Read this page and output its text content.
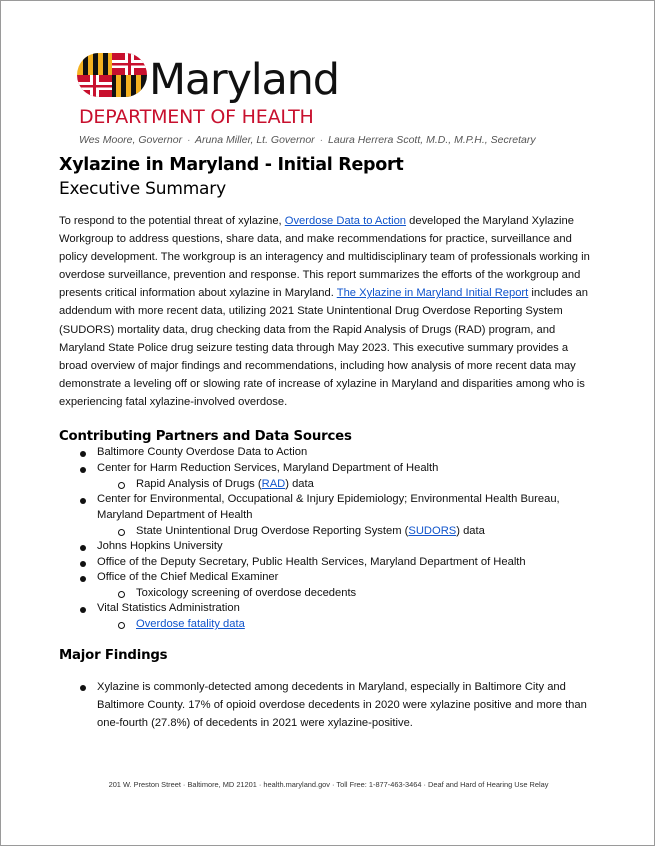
Maryland
DEPARTMENT OF HEALTH
Wes Moore, Governor · Aruna Miller, Lt. Governor · Laura Herrera Scott, M.D., M.P.H., Secretary
Xylazine in Maryland - Initial Report
Executive Summary
To respond to the potential threat of xylazine, Overdose Data to Action developed the Maryland Xylazine Workgroup to address questions, share data, and make recommendations for practice, surveillance and policy development. The workgroup is an interagency and multidisciplinary team of professionals working in overdose surveillance, prevention and response. This report summarizes the efforts of the workgroup and presents critical information about xylazine in Maryland. The Xylazine in Maryland Initial Report includes an addendum with more recent data, utilizing 2021 State Unintentional Drug Overdose Reporting System (SUDORS) mortality data, drug checking data from the Rapid Analysis of Drugs (RAD) program, and Maryland State Police drug seizure testing data through May 2023. This executive summary provides a broad overview of major findings and recommendations, including how analysis of more recent data may demonstrate a leveling off or slowing rate of increase of xylazine in Maryland and disparities among who is experiencing fatal xylazine-involved overdose.
Contributing Partners and Data Sources
Baltimore County Overdose Data to Action
Center for Harm Reduction Services, Maryland Department of Health
Rapid Analysis of Drugs (RAD) data
Center for Environmental, Occupational & Injury Epidemiology; Environmental Health Bureau,
Maryland Department of Health
State Unintentional Drug Overdose Reporting System (SUDORS) data
Johns Hopkins University
Office of the Deputy Secretary, Public Health Services, Maryland Department of Health
Office of the Chief Medical Examiner
Toxicology screening of overdose decedents
Vital Statistics Administration
Overdose fatality data
Major Findings
Xylazine is commonly-detected among decedents in Maryland, especially in Baltimore City and Baltimore County. 17% of opioid overdose decedents in 2020 were xylazine positive and more than one-fourth (27.8%) of decedents in 2021 were xylazine-positive.
201 W. Preston Street · Baltimore, MD 21201 · health.maryland.gov · Toll Free: 1-877-463-3464 · Deaf and Hard of Hearing Use Relay
